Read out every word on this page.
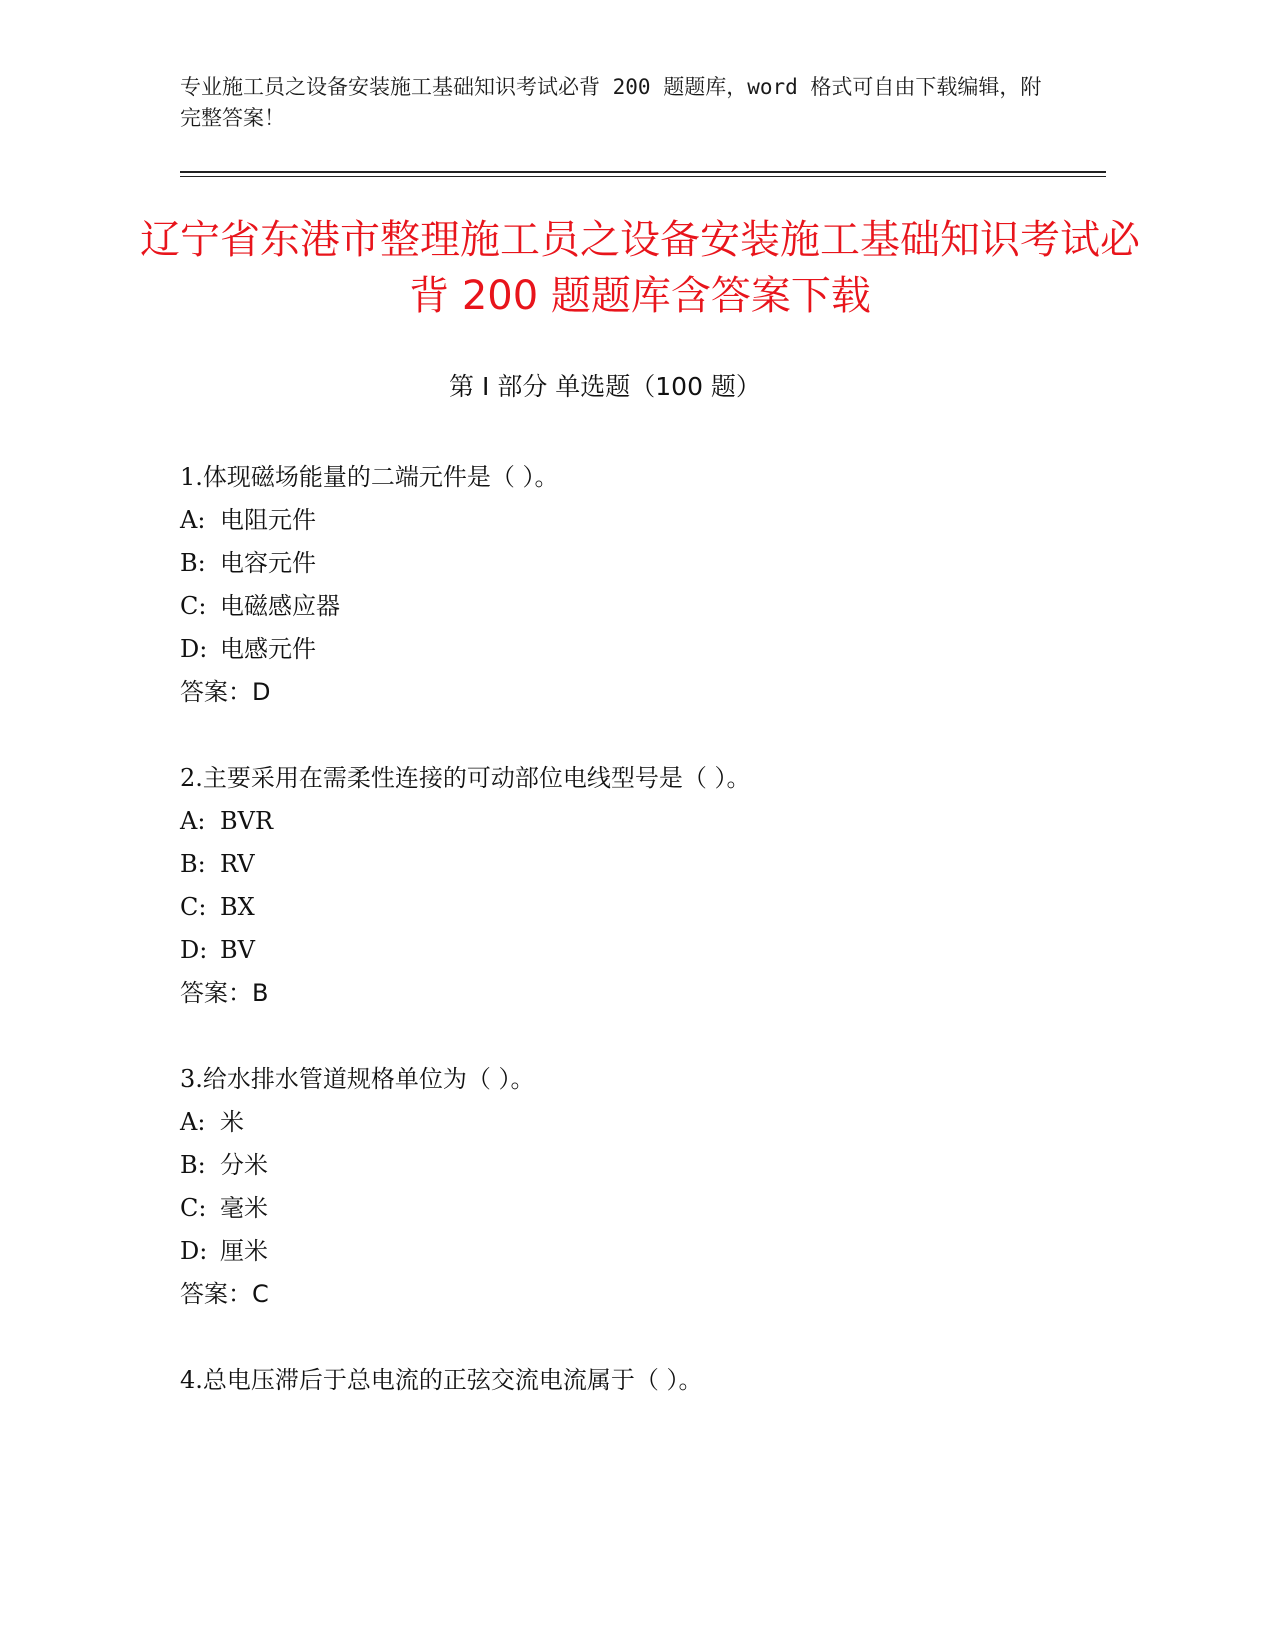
专业施工员之设备安装施工基础知识考试必背 200 题题库，word 格式可自由下载编辑，附完整答案！
辽宁省东港市整理施工员之设备安装施工基础知识考试必背 200 题题库含答案下载
第 I 部分 单选题（100 题）
1.体现磁场能量的二端元件是（ ）。
A: 电阻元件
B: 电容元件
C: 电磁感应器
D: 电感元件
答案：D
2.主要采用在需柔性连接的可动部位电线型号是（ ）。
A: BVR
B: RV
C: BX
D: BV
答案：B
3.给水排水管道规格单位为（ ）。
A: 米
B: 分米
C: 毫米
D: 厘米
答案：C
4.总电压滞后于总电流的正弦交流电流属于（ ）。
